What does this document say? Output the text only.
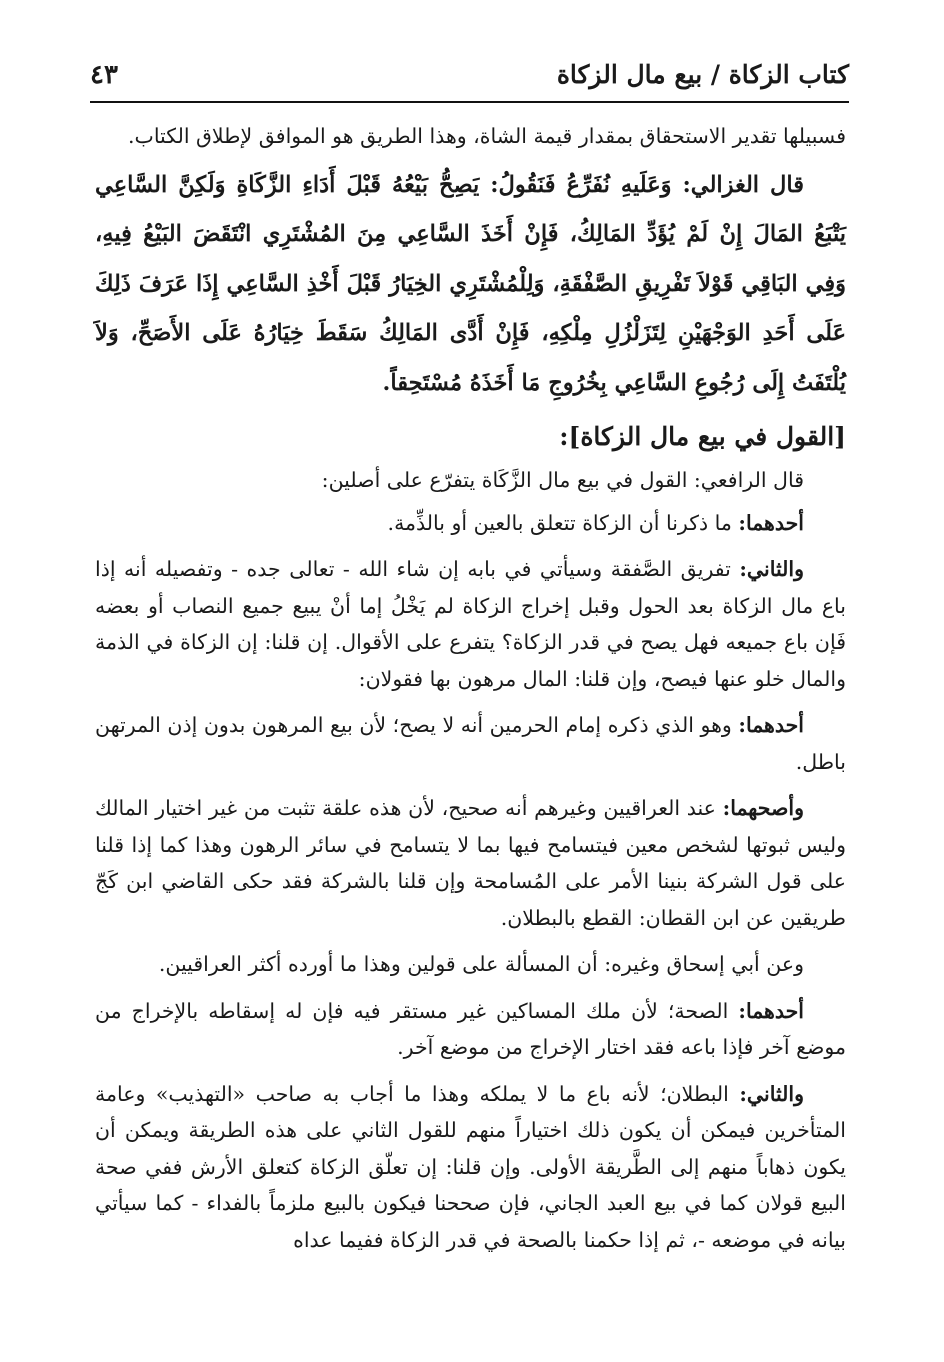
كتاب الزكاة / بيع مال الزكاة
٤٣

فسبيلها تقدير الاستحقاق بمقدار قيمة الشاة، وهذا الطريق هو الموافق لإطلاق الكتاب.

قال الغزالي: وَعَلَيهِ نُفَرِّعُ فَنَقُولُ: يَصِحُّ بَيْعُهُ قَبْلَ أَدَاءِ الزَّكَاةِ وَلَكِنَّ السَّاعِي يَتْبَعُ المَالَ إِنْ لَمْ يُؤَدِّ المَالِكُ، فَإِنْ أَخَذَ السَّاعِي مِنَ المُشْتَرِي انْتَقَضَ البَيْعُ فِيهِ، وَفِي البَاقِي قَوْلاَ تَفْرِيقِ الصَّفْقَةِ، وَلِلْمُشْتَرِي الخِيَارُ قَبْلَ أَخْذِ السَّاعِي إِذَا عَرَفَ ذَلِكَ عَلَى أَحَدِ الوَجْهَيْنِ لِتَزَلْزُلِ مِلْكِهِ، فَإِنْ أَدَّى المَالِكُ سَقَطَ خِيَارُهُ عَلَى الأَصَحِّ، وَلاَ يُلْتَفَتُ إِلَى رُجُوعِ السَّاعِي بِخُرُوجِ مَا أَخَذَهُ مُسْتَحِقاً.

[القول في بيع مال الزكاة]:

قال الرافعي: القول في بيع مال الزَّكَاة يتفرّع على أصلين:

أحدهما: ما ذكرنا أن الزكاة تتعلق بالعين أو بالذِّمة.

والثاني: تفريق الصَّفقة وسيأتي في بابه إن شاء الله - تعالى جده - وتفصيله أنه إذا باع مال الزكاة بعد الحول وقبل إخراج الزكاة لم يَخْلُ إما أنْ يبيع جميع النصاب أو بعضه فَإن باع جميعه فهل يصح في قدر الزكاة؟ يتفرع على الأقوال. إن قلنا: إن الزكاة في الذمة والمال خلو عنها فيصح، وإن قلنا: المال مرهون بها فقولان:

أحدهما: وهو الذي ذكره إمام الحرمين أنه لا يصح؛ لأن بيع المرهون بدون إذن المرتهن باطل.

وأصحهما: عند العراقيين وغيرهم أنه صحيح، لأن هذه علقة تثبت من غير اختيار المالك وليس ثبوتها لشخص معين فيتسامح فيها بما لا يتسامح في سائر الرهون وهذا كما إذا قلنا على قول الشركة بنينا الأمر على المُسامحة وإن قلنا بالشركة فقد حكى القاضي ابن كَجّ طريقين عن ابن القطان: القطع بالبطلان.

وعن أبي إسحاق وغيره: أن المسألة على قولين وهذا ما أورده أكثر العراقيين.

أحدهما: الصحة؛ لأن ملك المساكين غير مستقر فيه فإن له إسقاطه بالإخراج من موضع آخر فإذا باعه فقد اختار الإخراج من موضع آخر.

والثاني: البطلان؛ لأنه باع ما لا يملكه وهذا ما أجاب به صاحب «التهذيب» وعامة المتأخرين فيمكن أن يكون ذلك اختياراً منهم للقول الثاني على هذه الطريقة ويمكن أن يكون ذهاباً منهم إلى الطَّريقة الأولى. وإن قلنا: إن تعلّق الزكاة كتعلق الأرش ففي صحة البيع قولان كما في بيع العبد الجاني، فإن صححنا فيكون بالبيع ملزماً بالفداء - كما سيأتي بيانه في موضعه -، ثم إذا حكمنا بالصحة في قدر الزكاة ففيما عداه
